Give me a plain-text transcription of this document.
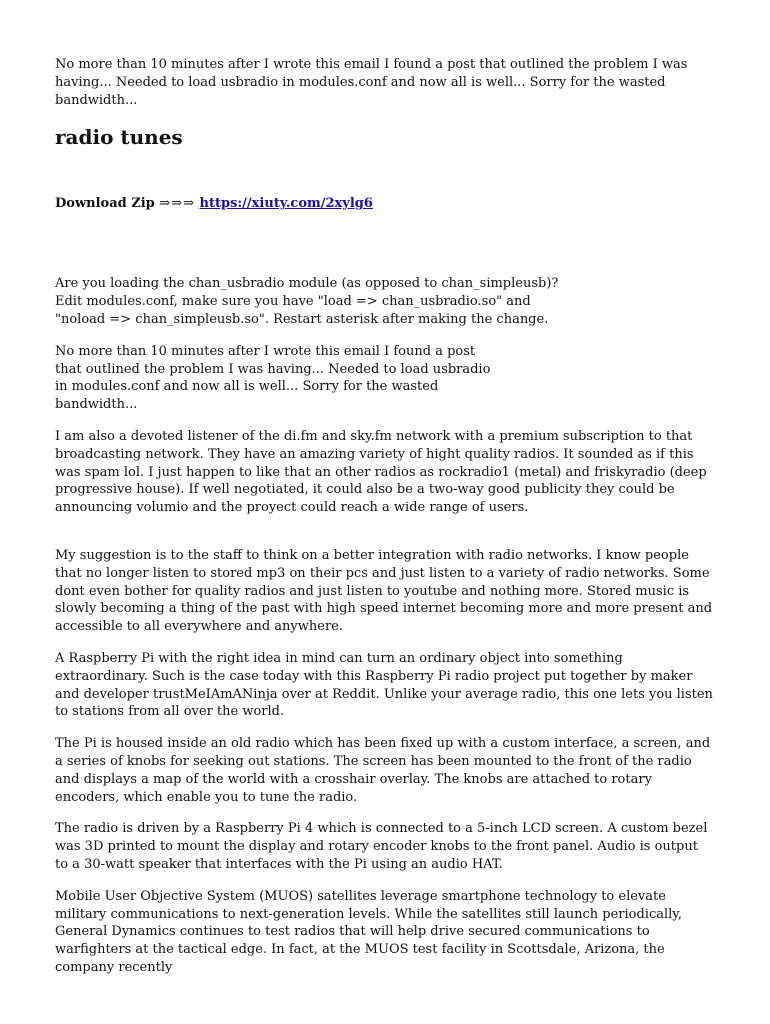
No more than 10 minutes after I wrote this email I found a post that outlined the problem I was having... Needed to load usbradio in modules.conf and now all is well... Sorry for the wasted bandwidth...

radio tunes
Download Zip ⇒⇒⇒ https://xiuty.com/2xylg6

Are you loading the chan_usbradio module (as opposed to chan_simpleusb)? Edit modules.conf, make sure you have "load => chan_usbradio.so" and "noload => chan_simpleusb.so". Restart asterisk after making the change.

No more than 10 minutes after I wrote this email I found a post that outlined the problem I was having... Needed to load usbradio in modules.conf and now all is well... Sorry for the wasted bandwidth...

I am also a devoted listener of the di.fm and sky.fm network with a premium subscription to that broadcasting network. They have an amazing variety of hight quality radios. It sounded as if this was spam lol. I just happen to like that an other radios as rockradio1 (metal) and friskyradio (deep progressive house). If well negotiated, it could also be a two-way good publicity they could be announcing volumio and the proyect could reach a wide range of users.

My suggestion is to the staff to think on a better integration with radio networks. I know people that no longer listen to stored mp3 on their pcs and just listen to a variety of radio networks. Some dont even bother for quality radios and just listen to youtube and nothing more. Stored music is slowly becoming a thing of the past with high speed internet becoming more and more present and accessible to all everywhere and anywhere.

A Raspberry Pi with the right idea in mind can turn an ordinary object into something extraordinary. Such is the case today with this Raspberry Pi radio project put together by maker and developer trustMeIAmANinja over at Reddit. Unlike your average radio, this one lets you listen to stations from all over the world.

The Pi is housed inside an old radio which has been fixed up with a custom interface, a screen, and a series of knobs for seeking out stations. The screen has been mounted to the front of the radio and displays a map of the world with a crosshair overlay. The knobs are attached to rotary encoders, which enable you to tune the radio.

The radio is driven by a Raspberry Pi 4 which is connected to a 5-inch LCD screen. A custom bezel was 3D printed to mount the display and rotary encoder knobs to the front panel. Audio is output to a 30-watt speaker that interfaces with the Pi using an audio HAT.

Mobile User Objective System (MUOS) satellites leverage smartphone technology to elevate military communications to next-generation levels. While the satellites still launch periodically, General Dynamics continues to test radios that will help drive secured communications to warfighters at the tactical edge. In fact, at the MUOS test facility in Scottsdale, Arizona, the company recently
